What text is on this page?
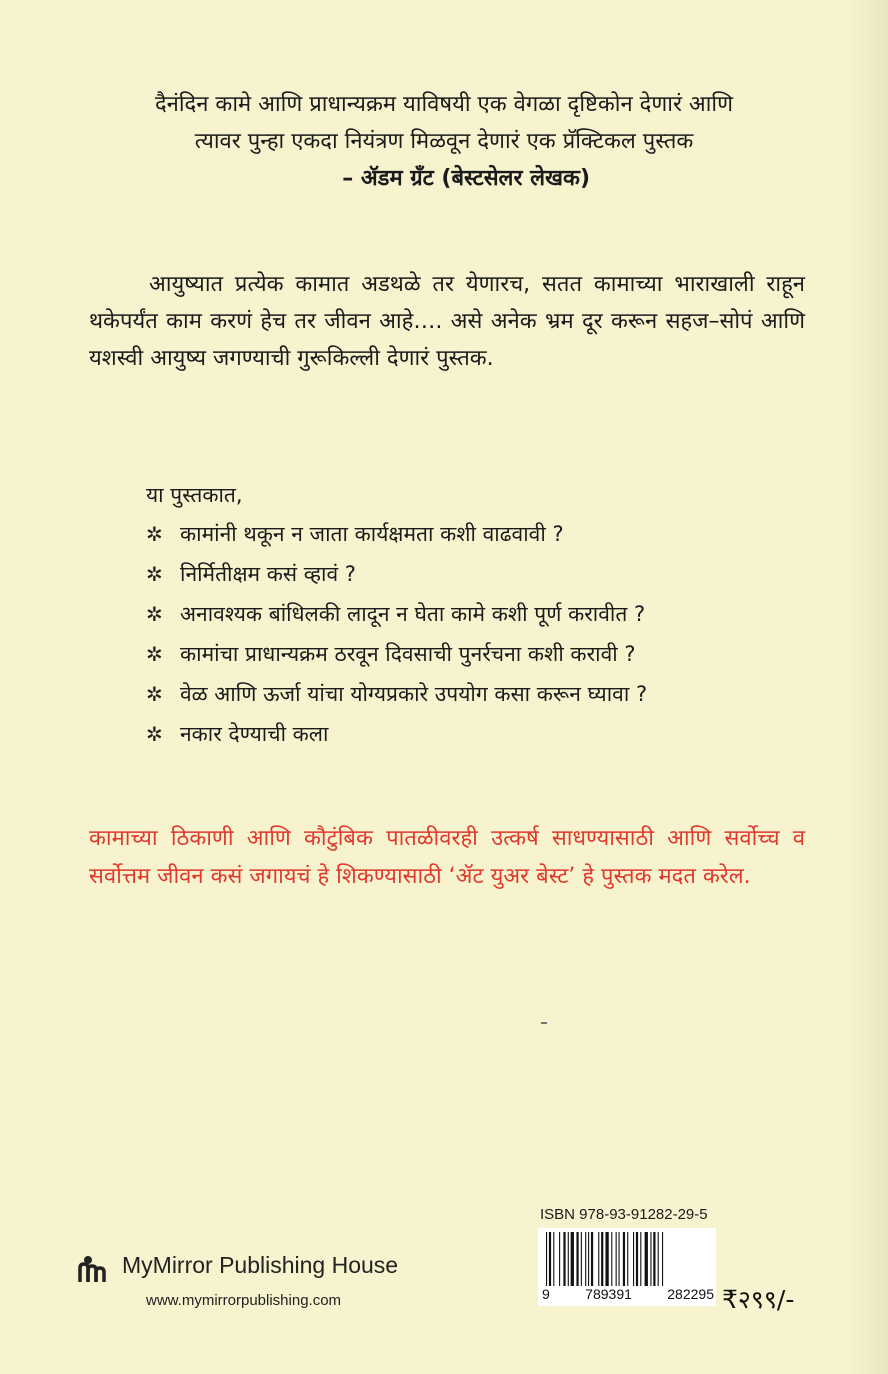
दैनंदिन कामे आणि प्राधान्यक्रम याविषयी एक वेगळा दृष्टिकोन देणारं आणि
त्यावर पुन्हा एकदा नियंत्रण मिळवून देणारं एक प्रॅक्टिकल पुस्तक
– ॲडम ग्रँट (बेस्टसेलर लेखक)
आयुष्यात प्रत्येक कामात अडथळे तर येणारच, सतत कामाच्या भाराखाली राहून थकेपर्यंत काम करणं हेच तर जीवन आहे…. असे अनेक भ्रम दूर करून सहज–सोपं आणि यशस्वी आयुष्य जगण्याची गुरूकिल्ली देणारं पुस्तक.
या पुस्तकात,
✲ कामांनी थकून न जाता कार्यक्षमता कशी वाढवावी ?
✲ निर्मितीक्षम कसं व्हावं ?
✲ अनावश्यक बांधिलकी लादून न घेता कामे कशी पूर्ण करावीत ?
✲ कामांचा प्राधान्यक्रम ठरवून दिवसाची पुनर्रचना कशी करावी ?
✲ वेळ आणि ऊर्जा यांचा योग्यप्रकारे उपयोग कसा करून घ्यावा ?
✲ नकार देण्याची कला
कामाच्या ठिकाणी आणि कौटुंबिक पातळीवरही उत्कर्ष साधण्यासाठी आणि सर्वोच्च व सर्वोत्तम जीवन कसं जगायचं हे शिकण्यासाठी ‘ॲट युअर बेस्ट’ हे पुस्तक मदत करेल.
ISBN 978-93-91282-29-5
9	789391	282295 ₹२९९/-
MyMirror Publishing House
www.mymirrorpublishing.com
